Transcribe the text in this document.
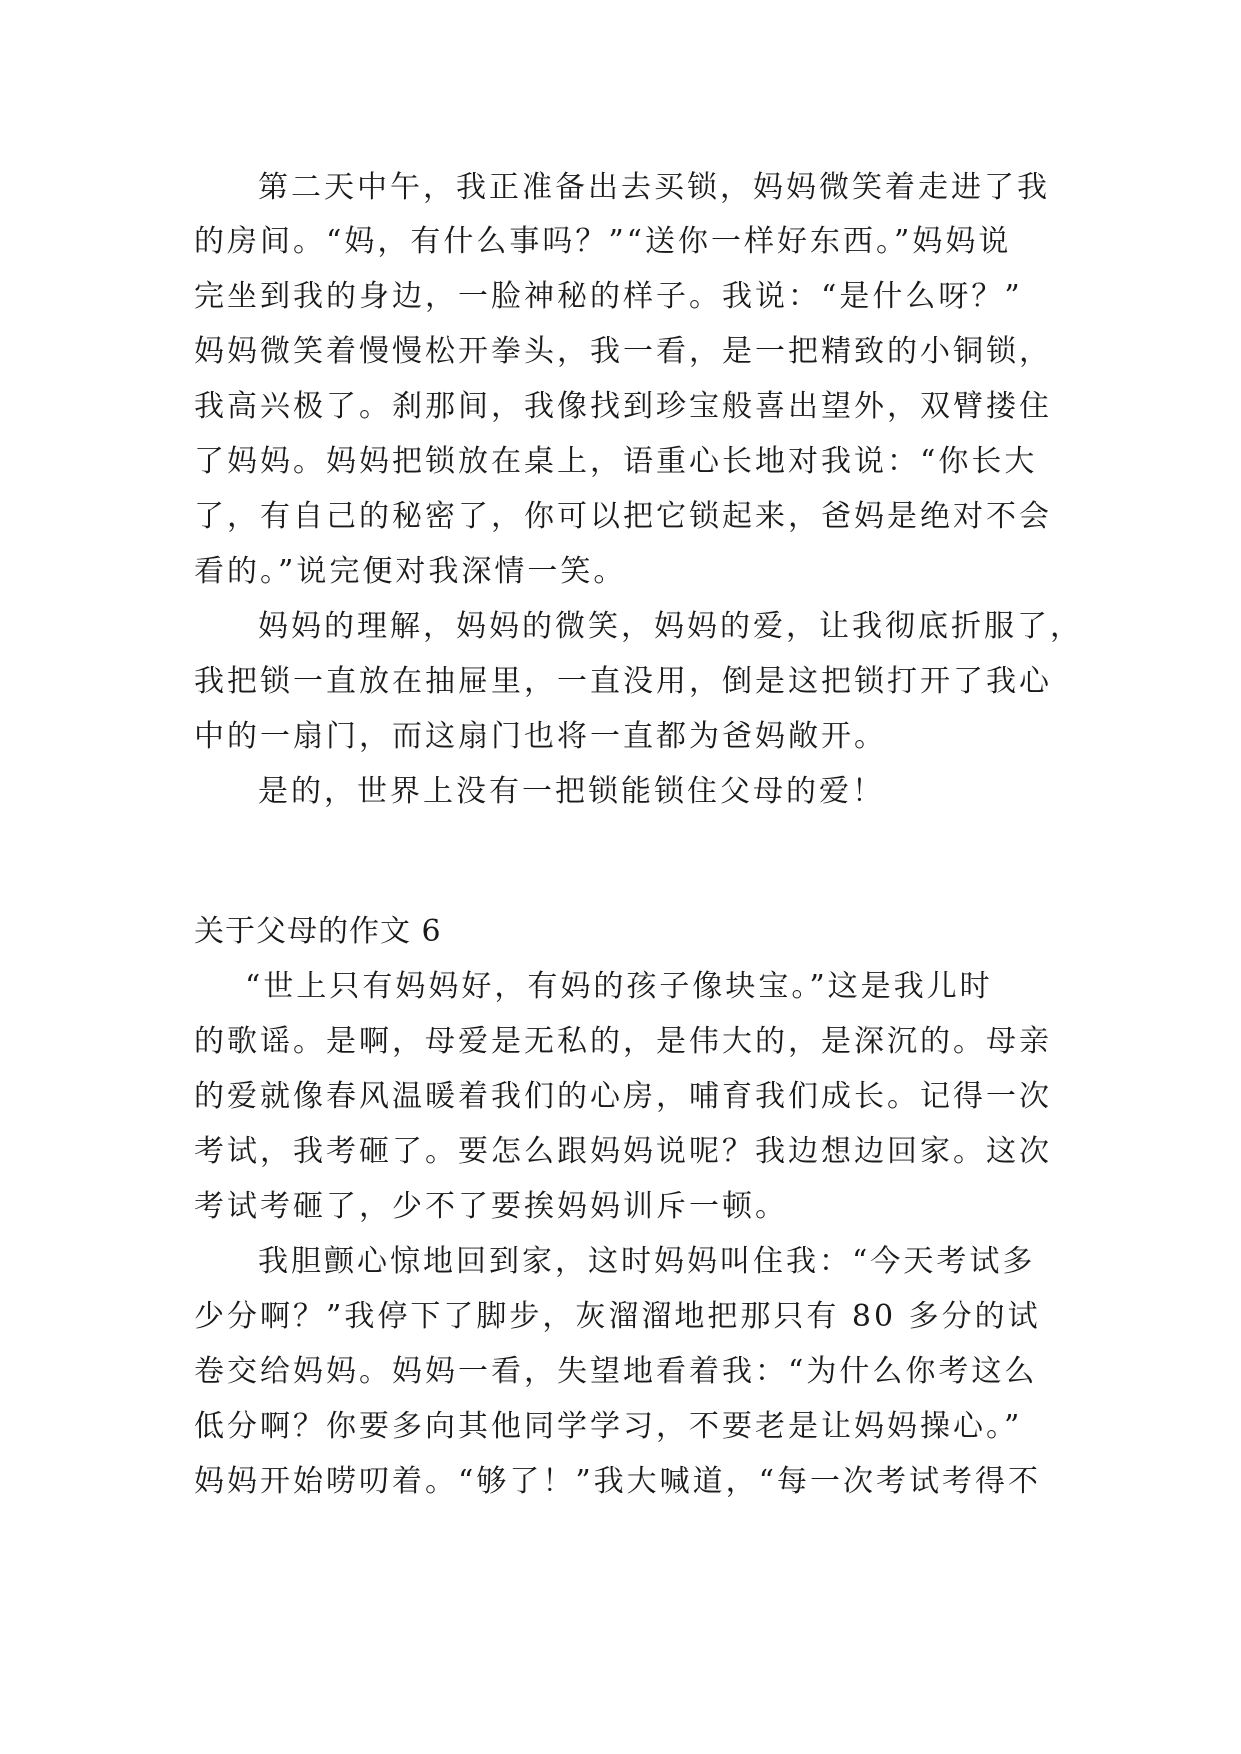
第二天中午，我正准备出去买锁，妈妈微笑着走进了我
的房间。“妈，有什么事吗？”“送你一样好东西。”妈妈说
完坐到我的身边，一脸神秘的样子。我说：“是什么呀？”
妈妈微笑着慢慢松开拳头，我一看，是一把精致的小铜锁，
我高兴极了。刹那间，我像找到珍宝般喜出望外，双臂搂住
了妈妈。妈妈把锁放在桌上，语重心长地对我说：“你长大
了，有自己的秘密了，你可以把它锁起来，爸妈是绝对不会
看的。”说完便对我深情一笑。
妈妈的理解，妈妈的微笑，妈妈的爱，让我彻底折服了，
我把锁一直放在抽屉里，一直没用，倒是这把锁打开了我心
中的一扇门，而这扇门也将一直都为爸妈敞开。
是的，世界上没有一把锁能锁住父母的爱！
关于父母的作文 6
“世上只有妈妈好，有妈的孩子像块宝。”这是我儿时
的歌谣。是啊，母爱是无私的，是伟大的，是深沉的。母亲
的爱就像春风温暖着我们的心房，哺育我们成长。记得一次
考试，我考砸了。要怎么跟妈妈说呢？我边想边回家。这次
考试考砸了，少不了要挨妈妈训斥一顿。
我胆颤心惊地回到家，这时妈妈叫住我：“今天考试多
少分啊？”我停下了脚步，灰溜溜地把那只有 80 多分的试
卷交给妈妈。妈妈一看，失望地看着我：“为什么你考这么
低分啊？你要多向其他同学学习，不要老是让妈妈操心。”
妈妈开始唠叨着。“够了！”我大喊道，“每一次考试考得不
